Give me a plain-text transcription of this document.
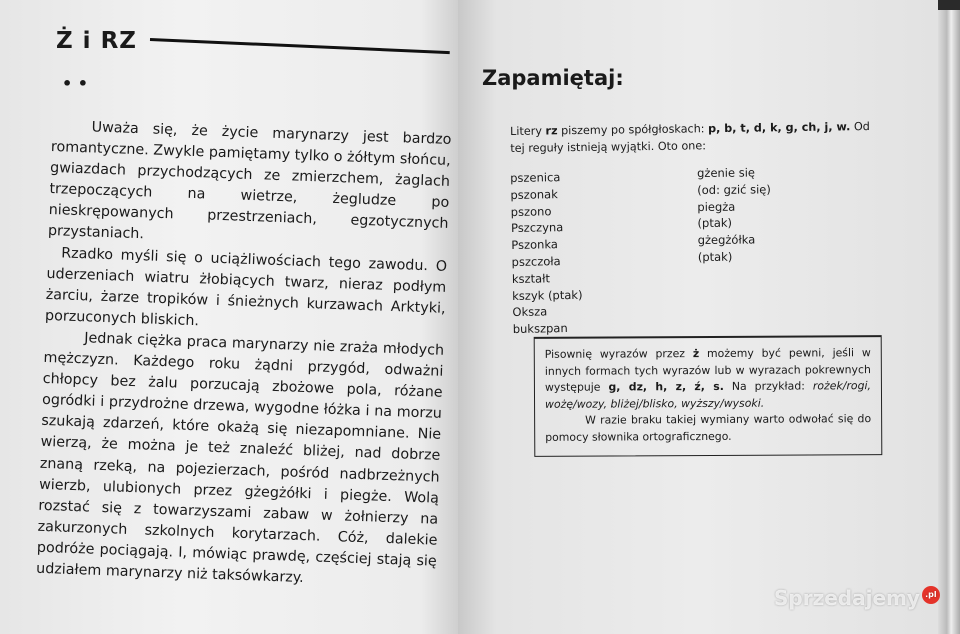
Ż i RZ
• •

Uważa się, że życie marynarzy jest bardzo romantyczne. Zwykle pamiętamy tylko o żółtym słońcu, gwiazdach przychodzących ze zmierzchem, żaglach trzepoczących na wietrze, żegludze po nieskrępowanych przestrzeniach, egzotycznych przystaniach.

Rzadko myśli się o uciążliwościach tego zawodu. O uderzeniach wiatru żłobiących twarz, nieraz podłym żarciu, żarze tropików i śnieżnych kurzawach Arktyki, porzuconych bliskich.

Jednak ciężka praca marynarzy nie zraża młodych mężczyzn. Każdego roku żądni przygód, odważni chłopcy bez żalu porzucają zbożowe pola, różane ogródki i przydrożne drzewa, wygodne łóżka i na morzu szukają zdarzeń, które okażą się niezapomniane. Nie wierzą, że można je też znaleźć bliżej, nad dobrze znaną rzeką, na pojezierzach, pośród nadbrzeżnych wierzb, ulubionych przez gżegżółki i piegże. Wolą rozstać się z towarzyszami zabaw w żołnierzy na zakurzonych szkolnych korytarzach. Cóż, dalekie podróże pociągają. I, mówiąc prawdę, częściej stają się udziałem marynarzy niż taksówkarzy.

Zapamiętaj:
Litery rz piszemy po spółgłoskach: p, b, t, d, k, g, ch, j, w. Od tej reguły istnieją wyjątki. Oto one:
pszenica
pszonak
pszono
Pszczyna
Pszonka
pszczoła
kształt
kszyk (ptak)
Oksza
bukszpan
gżenie się
(od: gzić się)
piegża
(ptak)
gżegżółka
(ptak)
Pisownię wyrazów przez ż możemy być pewni, jeśli w innych formach tych wyrazów lub w wyrazach pokrewnych występuje g, dz, h, z, ź, s. Na przykład: rożek/rogi, wożę/wozy, bliżej/blisko, wyższy/wysoki.
W razie braku takiej wymiany warto odwołać się do pomocy słownika ortograficznego.
Sprzedajemy .pl
